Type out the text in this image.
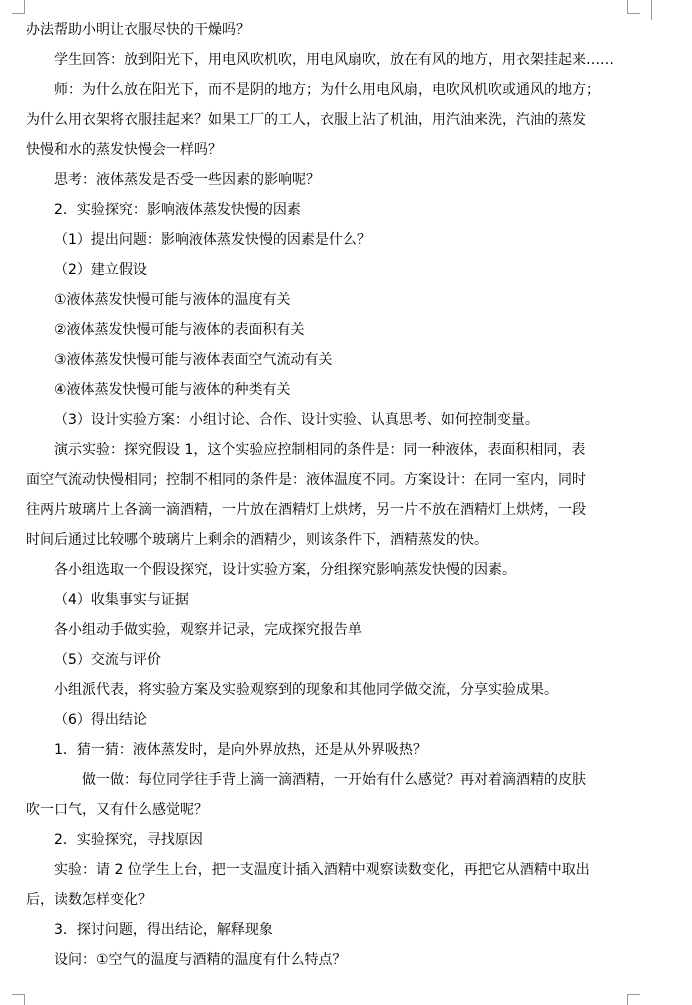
办法帮助小明让衣服尽快的干燥吗？
学生回答：放到阳光下，用电风吹机吹，用电风扇吹，放在有风的地方，用衣架挂起来……
师：为什么放在阳光下，而不是阴的地方；为什么用电风扇，电吹风机吹或通风的地方；
为什么用衣架将衣服挂起来？如果工厂的工人，衣服上沾了机油，用汽油来洗，汽油的蒸发
快慢和水的蒸发快慢会一样吗？
思考：液体蒸发是否受一些因素的影响呢？
2．实验探究：影响液体蒸发快慢的因素
（1）提出问题：影响液体蒸发快慢的因素是什么？
（2）建立假设
①液体蒸发快慢可能与液体的温度有关
②液体蒸发快慢可能与液体的表面积有关
③液体蒸发快慢可能与液体表面空气流动有关
④液体蒸发快慢可能与液体的种类有关
（3）设计实验方案：小组讨论、合作、设计实验、认真思考、如何控制变量。
演示实验：探究假设 1，这个实验应控制相同的条件是：同一种液体，表面积相同，表
面空气流动快慢相同；控制不相同的条件是：液体温度不同。方案设计：在同一室内，同时
往两片玻璃片上各滴一滴酒精，一片放在酒精灯上烘烤，另一片不放在酒精灯上烘烤，一段
时间后通过比较哪个玻璃片上剩余的酒精少，则该条件下，酒精蒸发的快。
各小组选取一个假设探究，设计实验方案，分组探究影响蒸发快慢的因素。
（4）收集事实与证据
各小组动手做实验，观察并记录，完成探究报告单
（5）交流与评价
小组派代表，将实验方案及实验观察到的现象和其他同学做交流，分享实验成果。
（6）得出结论
1．猜一猜：液体蒸发时，是向外界放热，还是从外界吸热？
做一做：每位同学往手背上滴一滴酒精，一开始有什么感觉？再对着滴酒精的皮肤
吹一口气，又有什么感觉呢？
2．实验探究，寻找原因
实验：请 2 位学生上台，把一支温度计插入酒精中观察读数变化，再把它从酒精中取出
后，读数怎样变化？
3．探讨问题，得出结论，解释现象
设问：①空气的温度与酒精的温度有什么特点？
